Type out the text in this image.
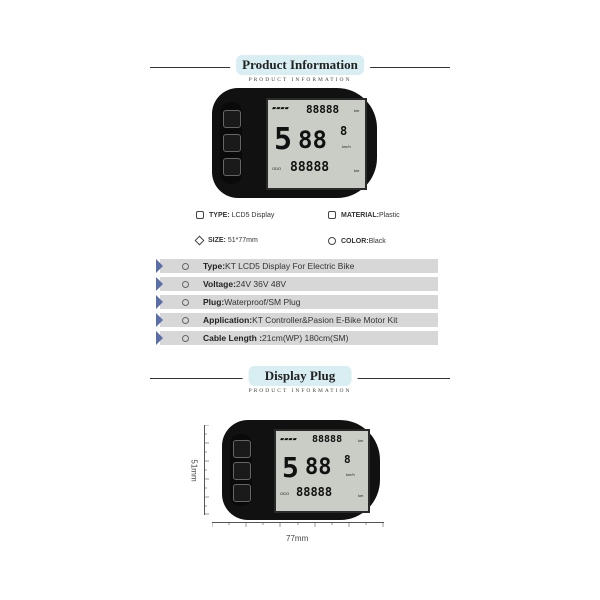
Product Information
PRODUCT INFORMATION
▰▰▰▰ 88888	km
5 88 8
km/h
ODO 88888	km
TYPE: LCD5 Display	MATERIAL:Plastic
SIZE: 51*77mm	COLOR:Black
Type: KT LCD5 Display For Electric Bike
Voltage: 24V 36V 48V
Plug: Waterproof/SM Plug
Application: KT Controller&Pasion E-Bike Motor Kit
Cable Length : 21cm(WP) 180cm(SM)
Display Plug
PRODUCT INFORMATION
▰▰▰▰ 88888	km
5 88 8
km/h
ODO 88888	km
51mm
77mm
